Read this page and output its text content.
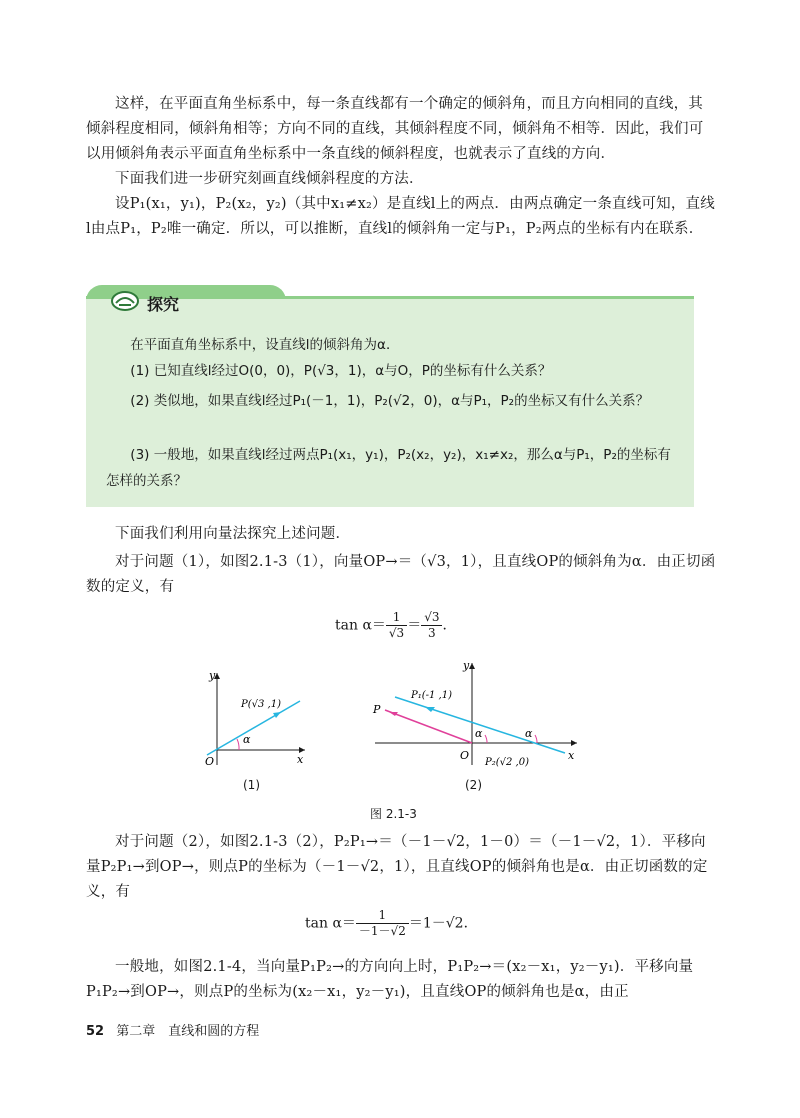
这样，在平面直角坐标系中，每一条直线都有一个确定的倾斜角，而且方向相同的直线，其倾斜程度相同，倾斜角相等；方向不同的直线，其倾斜程度不同，倾斜角不相等．因此，我们可以用倾斜角表示平面直角坐标系中一条直线的倾斜程度，也就表示了直线的方向．

下面我们进一步研究刻画直线倾斜程度的方法．

设P₁(x₁，y₁)，P₂(x₂，y₂)（其中x₁≠x₂）是直线l上的两点．由两点确定一条直线可知，直线l由点P₁，P₂唯一确定．所以，可以推断，直线l的倾斜角一定与P₁，P₂两点的坐标有内在联系．

探究

在平面直角坐标系中，设直线l的倾斜角为α．

(1) 已知直线l经过O(0，0)，P(√3，1)，α与O，P的坐标有什么关系？

(2) 类似地，如果直线l经过P₁(－1，1)，P₂(√2，0)，α与P₁，P₂的坐标又有什么关系？

(3) 一般地，如果直线l经过两点P₁(x₁，y₁)，P₂(x₂，y₂)，x₁≠x₂，那么α与P₁，P₂的坐标有怎样的关系？

下面我们利用向量法探究上述问题．

对于问题（1），如图2.1-3（1），向量OP→＝（√3，1），且直线OP的倾斜角为α．由正切函数的定义，有

$\tan \alpha= \frac{1}{√3} = \frac{√3}{3}$ ．
α
P(√3 ,1)
y
x
O
α	α
P
P₁(-1 ,1)
P₂(√2 ,0)
y
x
O
(1)	(2)
图 2.1-3

对于问题（2），如图2.1-3（2），P₂P₁→＝（－1－√2，1－0）＝（－1－√2，1）．平移向量P₂P₁→到OP→，则点P的坐标为（－1－√2，1），且直线OP的倾斜角也是α．由正切函数的定义，有

$\tan \alpha= \frac{1}{-1-√2} =1-√2$．

一般地，如图2.1-4，当向量P₁P₂→的方向向上时，P₁P₂→＝(x₂－x₁，y₂－y₁)．平移向量P₁P₂→到OP→，则点P的坐标为(x₂－x₁，y₂－y₁)，且直线OP的倾斜角也是α，由正

52 第二章　直线和圆的方程
